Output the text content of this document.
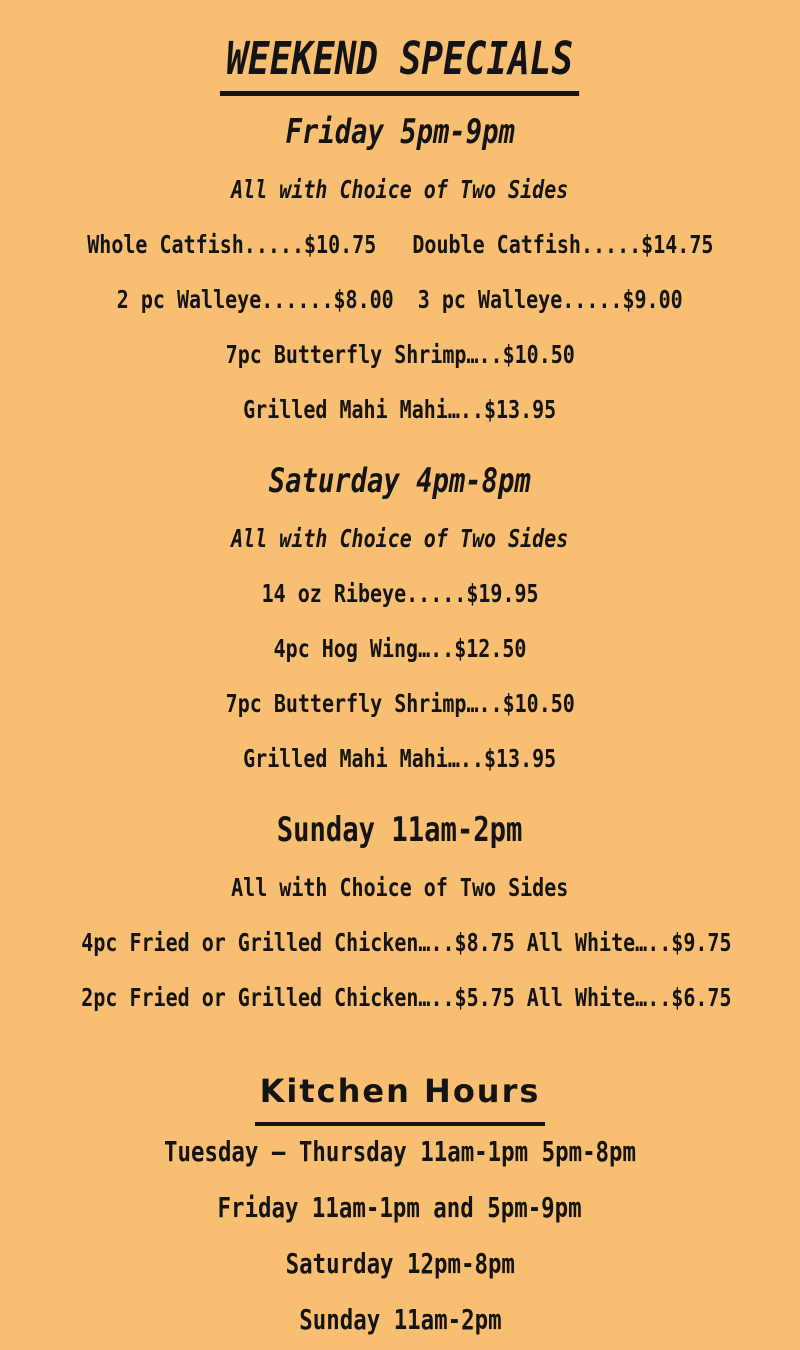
WEEKEND SPECIALS
Friday 5pm-9pm
All with Choice of Two Sides
Whole Catfish.....$10.75   Double Catfish.....$14.75
2 pc Walleye......$8.00  3 pc Walleye.....$9.00
7pc Butterfly Shrimp…..$10.50
Grilled Mahi Mahi…..$13.95
Saturday 4pm-8pm
All with Choice of Two Sides
14 oz Ribeye.....$19.95
4pc Hog Wing…..$12.50
7pc Butterfly Shrimp…..$10.50
Grilled Mahi Mahi…..$13.95
Sunday 11am-2pm
All with Choice of Two Sides
4pc Fried or Grilled Chicken…..$8.75 All White…..$9.75
2pc Fried or Grilled Chicken…..$5.75 All White…..$6.75
Kitchen Hours
Tuesday – Thursday 11am-1pm 5pm-8pm
Friday 11am-1pm and 5pm-9pm
Saturday 12pm-8pm
Sunday 11am-2pm
